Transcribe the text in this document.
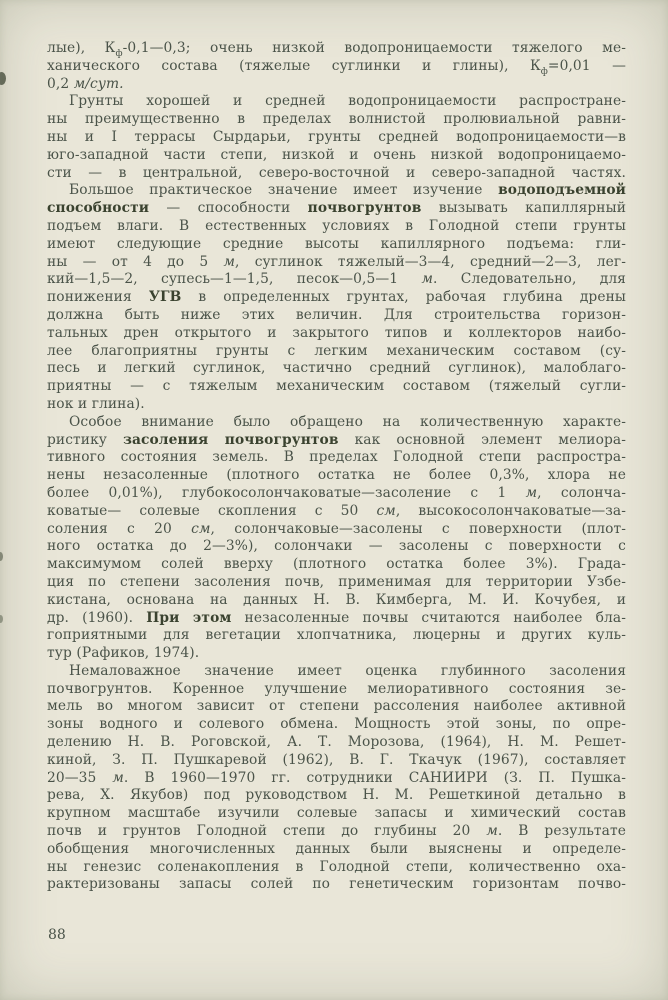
лые), $К_ф-0,1—0,3$; очень низкой водопроницаемости тяжелого ме-
ханического состава (тяжелые суглинки и глины), $К_ф=0,01$ —
0,2 м/сут.
Грунты хорошей и средней водопроницаемости распростране-
ны преимущественно в пределах волнистой пролювиальной равни-
ны и I террасы Сырдарьи, грунты средней водопроницаемости—в
юго-западной части степи, низкой и очень низкой водопроницаемо-
сти — в центральной, северо-восточной и северо-западной частях.
Большое практическое значение имеет изучение водоподъемной
способности — способности почвогрунтов вызывать капиллярный
подъем влаги. В естественных условиях в Голодной степи грунты
имеют следующие средние высоты капиллярного подъема: гли-
ны — от 4 до 5 м, суглинок тяжелый—3—4, средний—2—3, лег-
кий—1,5—2, супесь—1—1,5, песок—0,5—1 м. Следовательно, для
понижения УГВ в определенных грунтах, рабочая глубина дрены
должна быть ниже этих величин. Для строительства горизон-
тальных дрен открытого и закрытого типов и коллекторов наибо-
лее благоприятны грунты с легким механическим составом (су-
песь и легкий суглинок, частично средний суглинок), малоблаго-
приятны — с тяжелым механическим составом (тяжелый сугли-
нок и глина).
Особое внимание было обращено на количественную характе-
ристику засоления почвогрунтов как основной элемент мелиора-
тивного состояния земель. В пределах Голодной степи распростра-
нены незасоленные (плотного остатка не более 0,3%, хлора не
более 0,01%), глубокосолончаковатые—засоление с 1 м, солонча-
коватые— солевые скопления с 50 см, высокосолончаковатые—за-
соления с 20 см, солончаковые—засолены с поверхности (плот-
ного остатка до 2—3%), солончаки — засолены с поверхности с
максимумом солей вверху (плотного остатка более 3%). Града-
ция по степени засоления почв, применимая для территории Узбе-
кистана, основана на данных Н. В. Кимберга, М. И. Кочубея, и
др. (1960). При этом незасоленные почвы считаются наиболее бла-
гоприятными для вегетации хлопчатника, люцерны и других куль-
тур (Рафиков, 1974).
Немаловажное значение имеет оценка глубинного засоления
почвогрунтов. Коренное улучшение мелиоративного состояния зе-
мель во многом зависит от степени рассоления наиболее активной
зоны водного и солевого обмена. Мощность этой зоны, по опре-
делению Н. В. Роговской, А. Т. Морозова, (1964), Н. М. Решет-
киной, З. П. Пушкаревой (1962), В. Г. Ткачук (1967), составляет
20—35 м. В 1960—1970 гг. сотрудники САНИИРИ (З. П. Пушка-
рева, Х. Якубов) под руководством Н. М. Решеткиной детально в
крупном масштабе изучили солевые запасы и химический состав
почв и грунтов Голодной степи до глубины 20 м. В результате
обобщения многочисленных данных были выяснены и определе-
ны генезис соленакопления в Голодной степи, количественно оха-
рактеризованы запасы солей по генетическим горизонтам почво-
88
